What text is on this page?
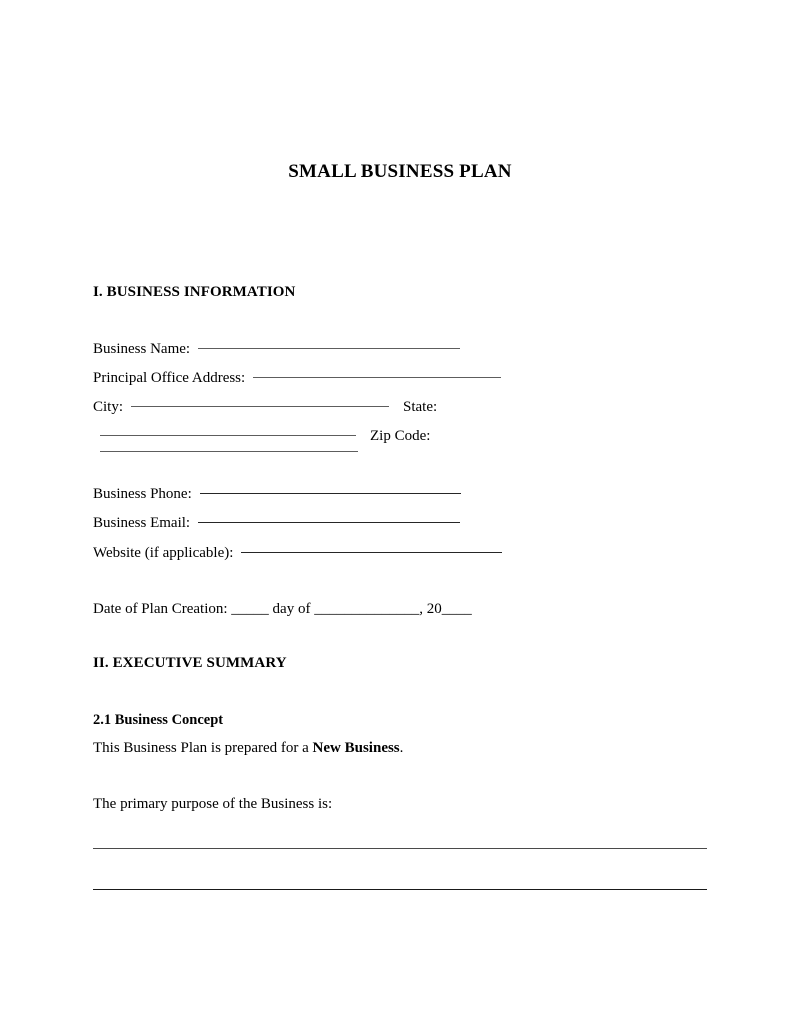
SMALL BUSINESS PLAN
I. BUSINESS INFORMATION
Business Name:
Principal Office Address:
City:	State:
Zip Code:
Business Phone:
Business Email:
Website (if applicable):
Date of Plan Creation: _____ day of ______________, 20____
II. EXECUTIVE SUMMARY
2.1 Business Concept
This Business Plan is prepared for a New Business.
The primary purpose of the Business is:
